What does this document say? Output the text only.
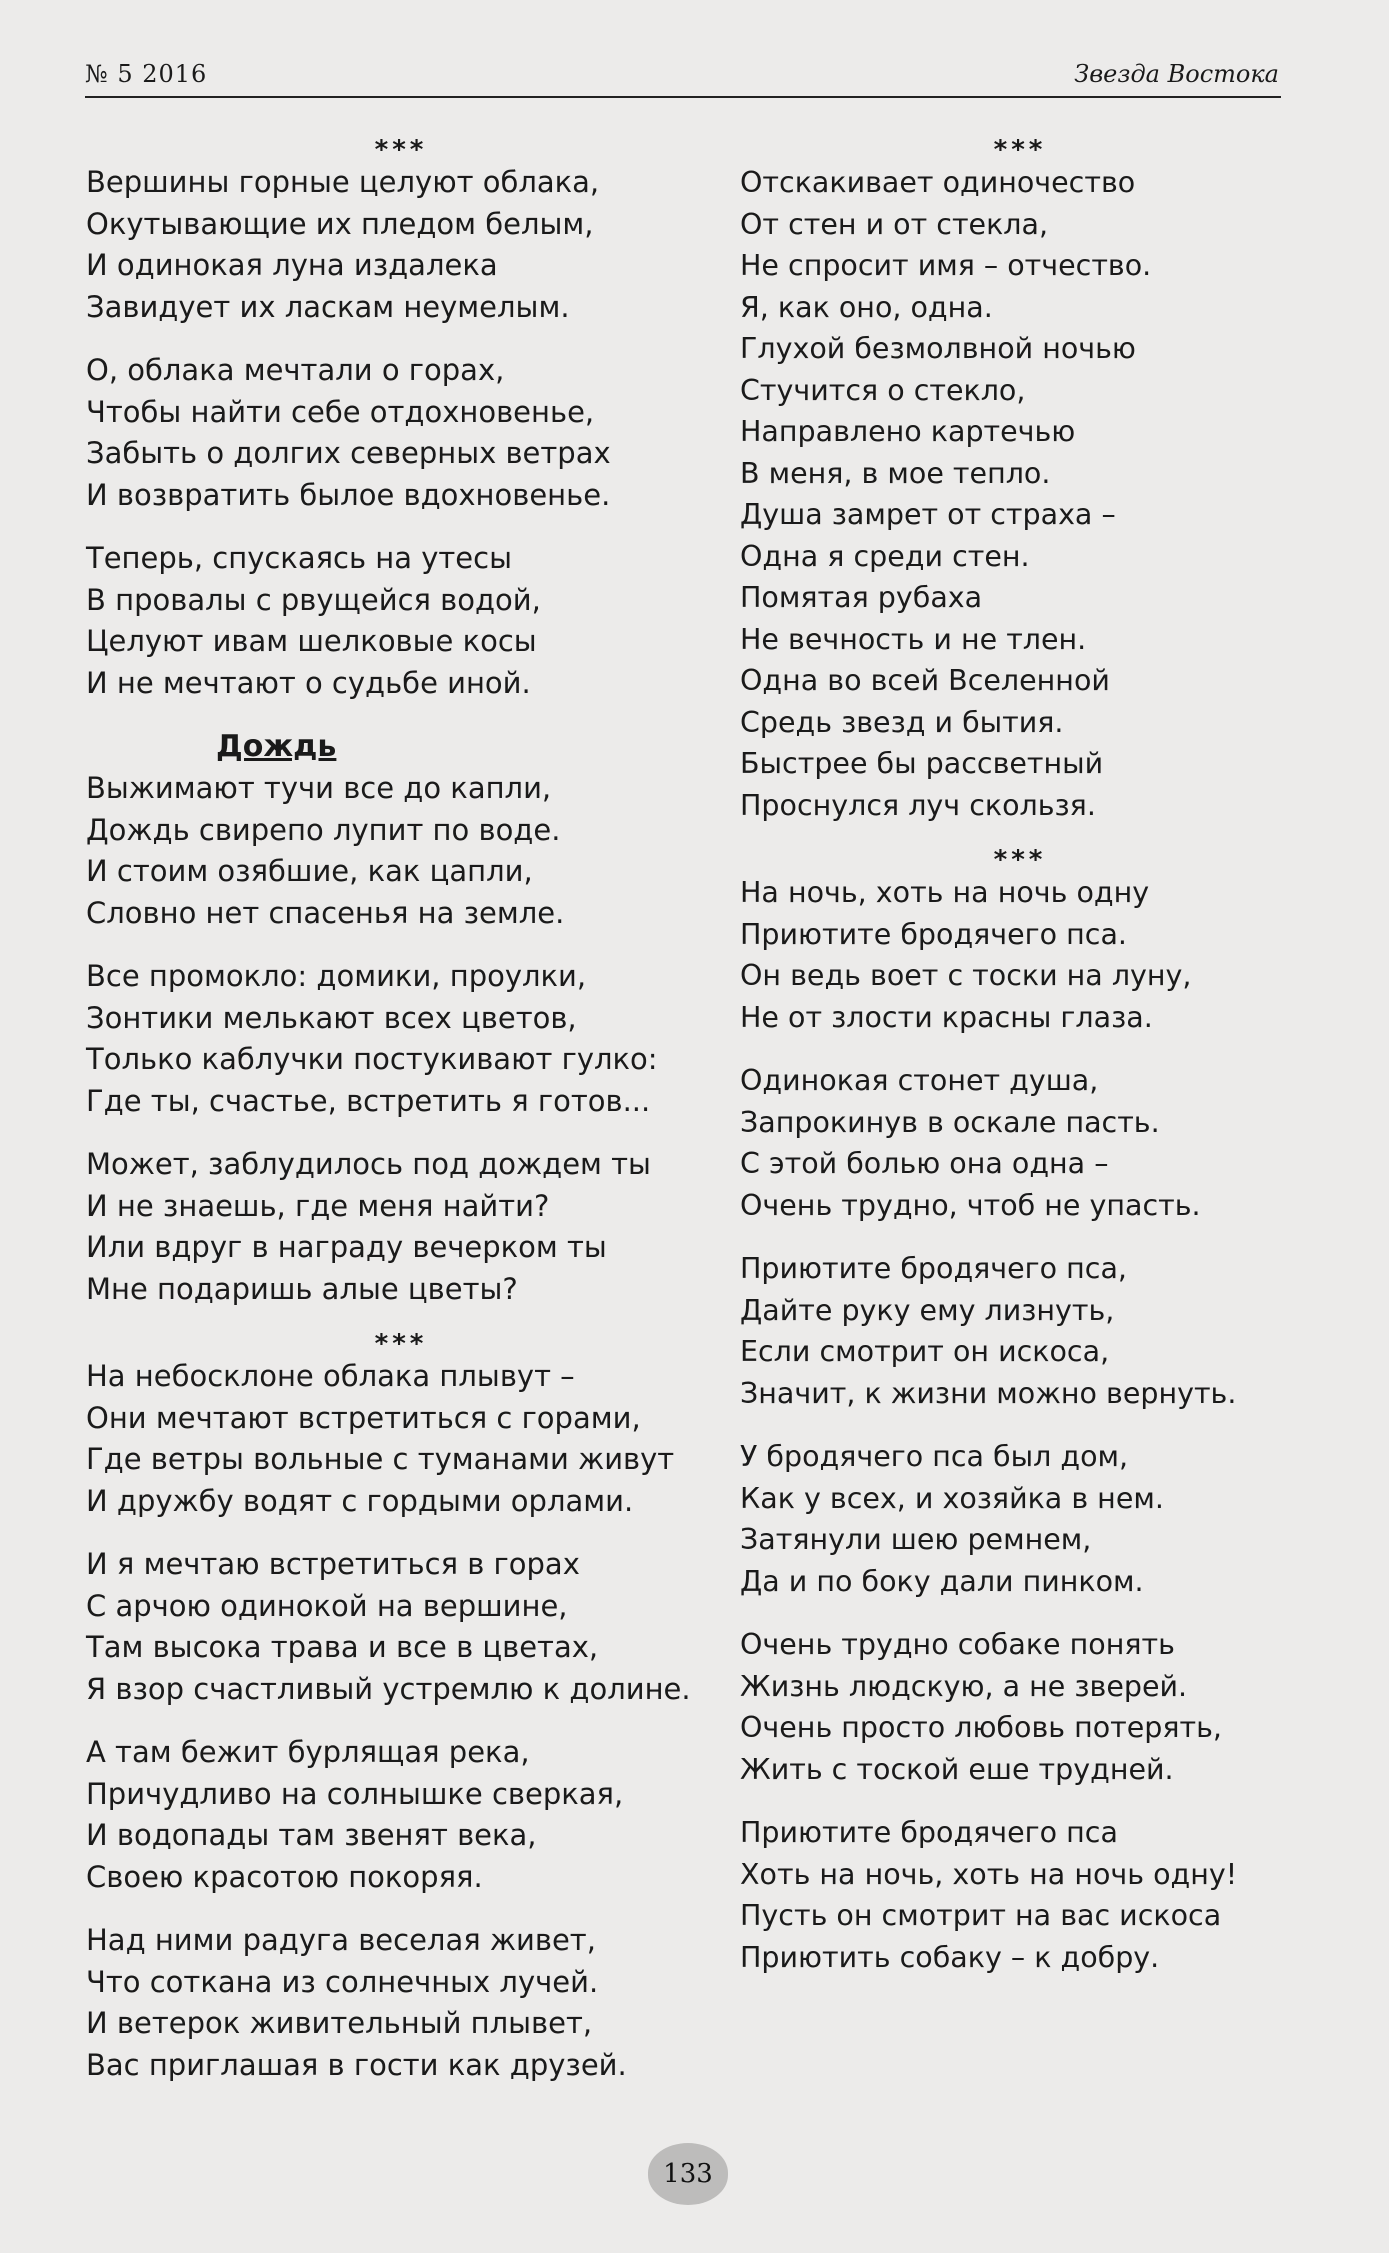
№ 5 2016	Звезда Востока
***
Вершины горные целуют облака,
Окутывающие их пледом белым,
И одинокая луна издалека
Завидует их ласкам неумелым.
О, облака мечтали о горах,
Чтобы найти себе отдохновенье,
Забыть о долгих северных ветрах
И возвратить былое вдохновенье.
Теперь, спускаясь на утесы
В провалы с рвущейся водой,
Целуют ивам шелковые косы
И не мечтают о судьбе иной.
Дождь
Выжимают тучи все до капли,
Дождь свирепо лупит по воде.
И стоим озябшие, как цапли,
Словно нет спасенья на земле.
Все промокло: домики, проулки,
Зонтики мелькают всех цветов,
Только каблучки постукивают гулко:
Где ты, счастье, встретить я готов...
Может, заблудилось под дождем ты
И не знаешь, где меня найти?
Или вдруг в награду вечерком ты
Мне подаришь алые цветы?
***
На небосклоне облака плывут –
Они мечтают встретиться с горами,
Где ветры вольные с туманами живут
И дружбу водят с гордыми орлами.
И я мечтаю встретиться в горах
С арчою одинокой на вершине,
Там высока трава и все в цветах,
Я взор счастливый устремлю к долине.
А там бежит бурлящая река,
Причудливо на солнышке сверкая,
И водопады там звенят века,
Своею красотою покоряя.
Над ними радуга веселая живет,
Что соткана из солнечных лучей.
И ветерок живительный плывет,
Вас приглашая в гости как друзей.
***
Отскакивает одиночество
От стен и от стекла,
Не спросит имя – отчество.
Я, как оно, одна.
Глухой безмолвной ночью
Стучится о стекло,
Направлено картечью
В меня, в мое тепло.
Душа замрет от страха –
Одна я среди стен.
Помятая рубаха
Не вечность и не тлен.
Одна во всей Вселенной
Средь звезд и бытия.
Быстрее бы рассветный
Проснулся луч скользя.
***
На ночь, хоть на ночь одну
Приютите бродячего пса.
Он ведь воет с тоски на луну,
Не от злости красны глаза.
Одинокая стонет душа,
Запрокинув в оскале пасть.
С этой болью она одна –
Очень трудно, чтоб не упасть.
Приютите бродячего пса,
Дайте руку ему лизнуть,
Если смотрит он искоса,
Значит, к жизни можно вернуть.
У бродячего пса был дом,
Как у всех, и хозяйка в нем.
Затянули шею ремнем,
Да и по боку дали пинком.
Очень трудно собаке понять
Жизнь людскую, а не зверей.
Очень просто любовь потерять,
Жить с тоской еше трудней.
Приютите бродячего пса
Хоть на ночь, хоть на ночь одну!
Пусть он смотрит на вас искоса
Приютить собаку – к добру.
133
